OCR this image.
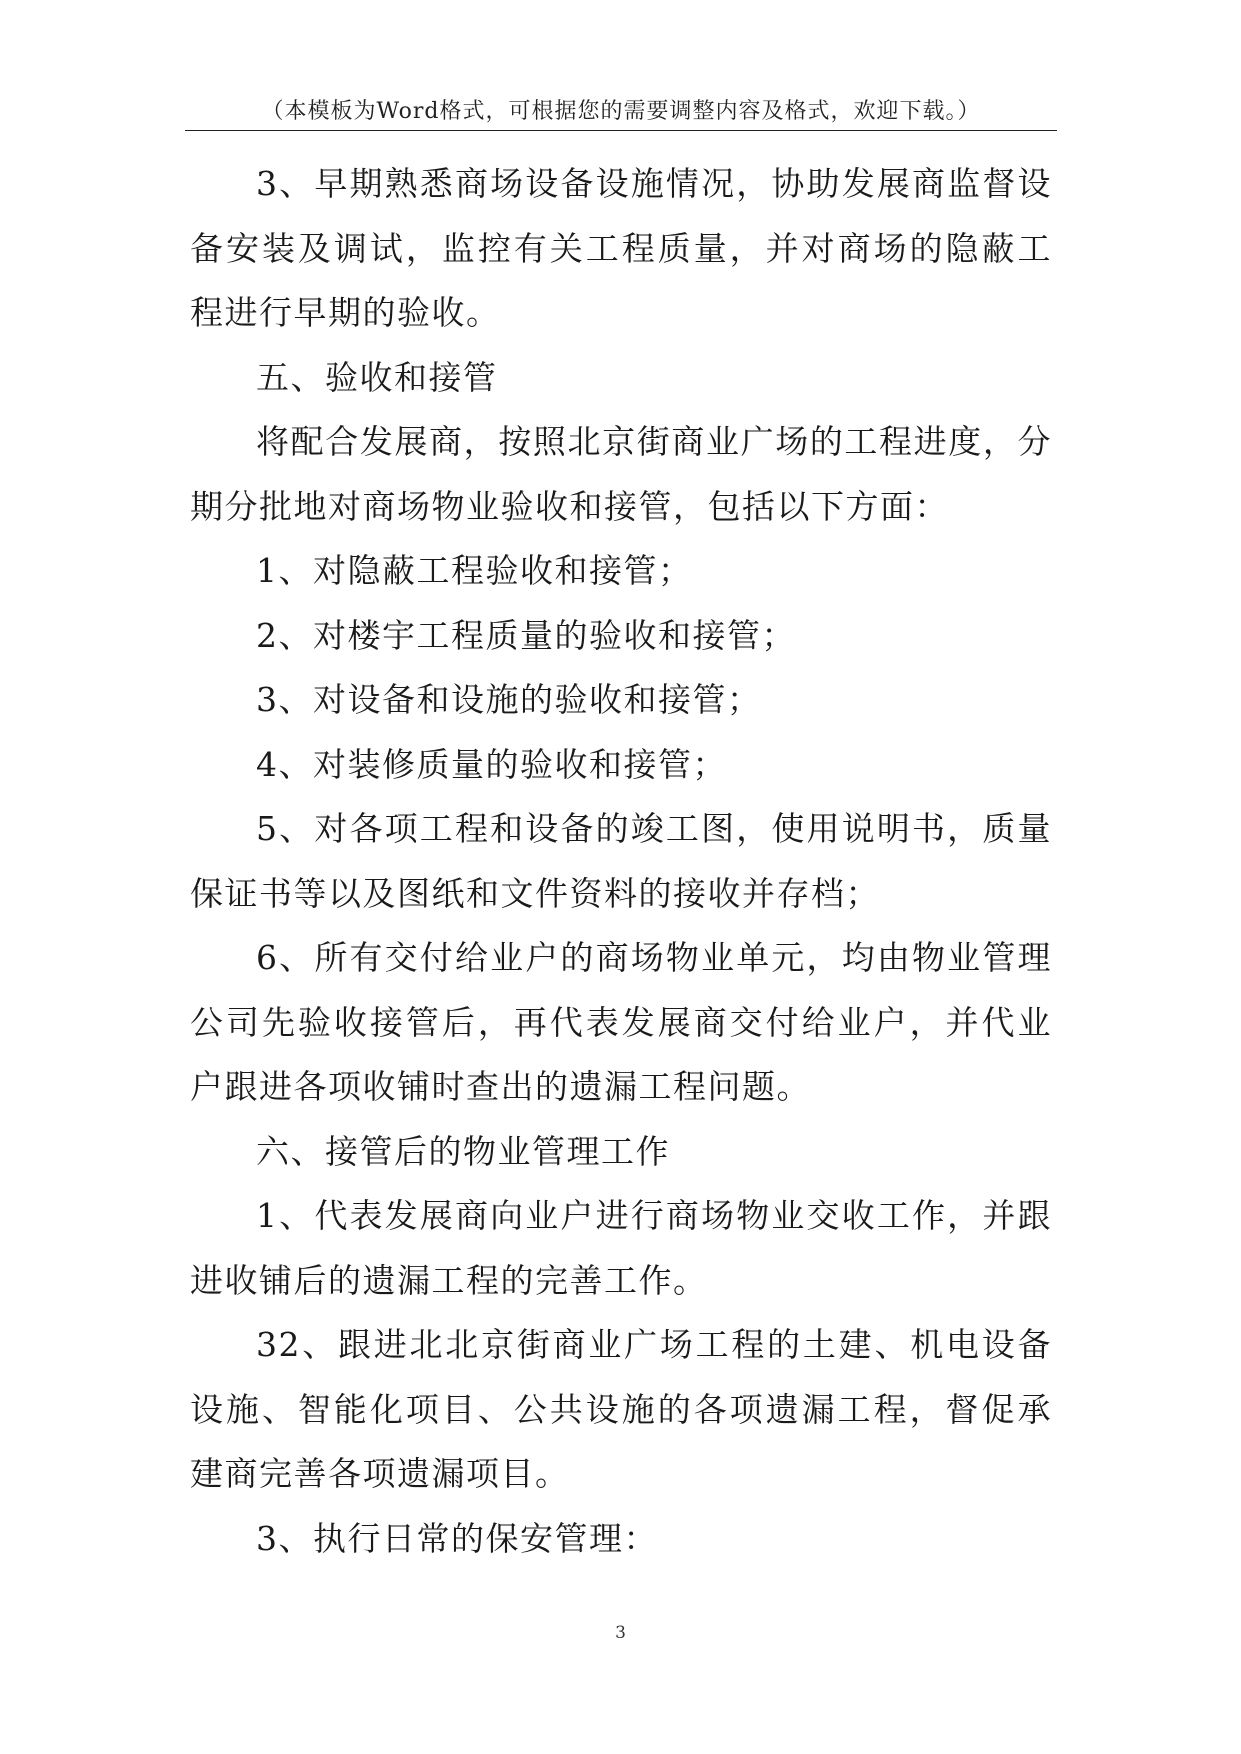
（本模板为Word格式，可根据您的需要调整内容及格式，欢迎下载。）

3、早期熟悉商场设备设施情况，协助发展商监督设备安装及调试，监控有关工程质量，并对商场的隐蔽工程进行早期的验收。

五、验收和接管

将配合发展商，按照北京街商业广场的工程进度，分期分批地对商场物业验收和接管，包括以下方面：

1、对隐蔽工程验收和接管；

2、对楼宇工程质量的验收和接管；

3、对设备和设施的验收和接管；

4、对装修质量的验收和接管；

5、对各项工程和设备的竣工图，使用说明书，质量保证书等以及图纸和文件资料的接收并存档；

6、所有交付给业户的商场物业单元，均由物业管理公司先验收接管后，再代表发展商交付给业户，并代业户跟进各项收铺时查出的遗漏工程问题。

六、接管后的物业管理工作

1、代表发展商向业户进行商场物业交收工作，并跟进收铺后的遗漏工程的完善工作。

32、跟进北北京街商业广场工程的土建、机电设备设施、智能化项目、公共设施的各项遗漏工程，督促承建商完善各项遗漏项目。

3、执行日常的保安管理：

3
